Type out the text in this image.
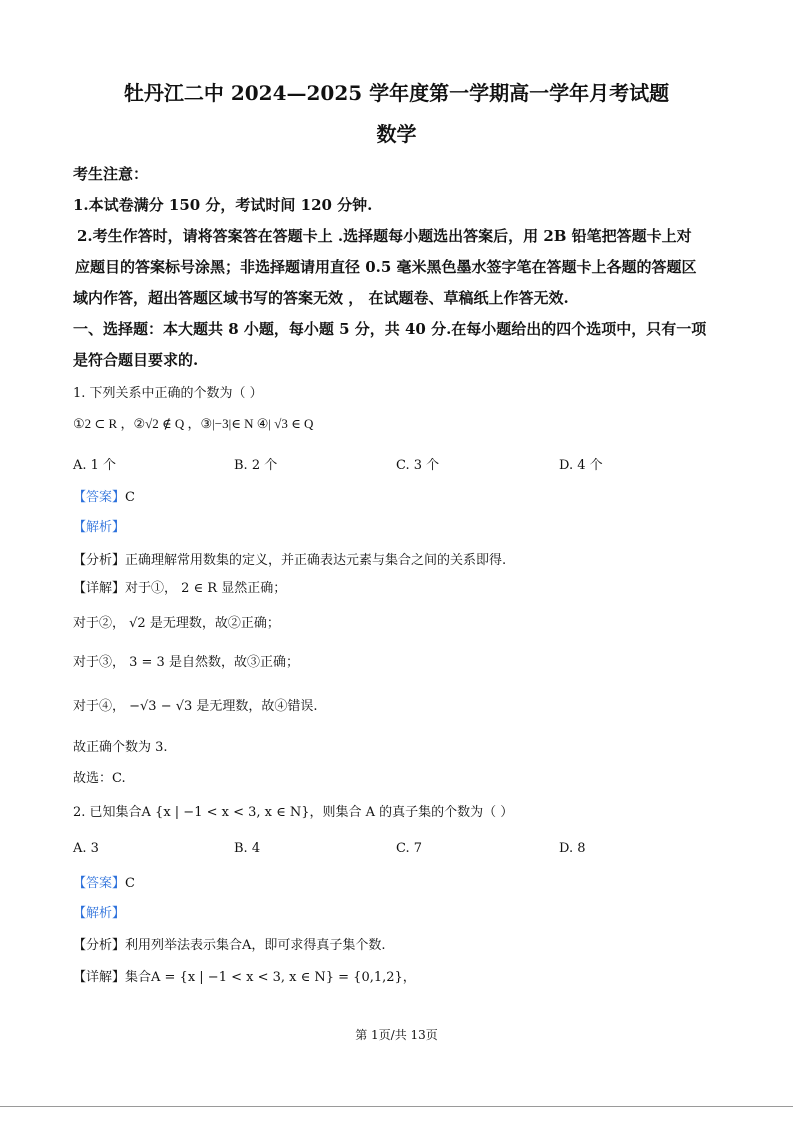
牡丹江二中 2024—2025 学年度第一学期高一学年月考试题
数学
考生注意：
1.本试卷满分 150 分，考试时间 120 分钟.
2.考生作答时，请将答案答在答题卡上 .选择题每小题选出答案后，用 2B 铅笔把答题卡上对
应题目的答案标号涂黑；非选择题请用直径 0.5 毫米黑色墨水签字笔在答题卡上各题的答题区
域内作答，超出答题区域书写的答案无效 ， 在试题卷、草稿纸上作答无效.
一、选择题：本大题共 8 小题，每小题 5 分，共 40 分.在每小题给出的四个选项中，只有一项
是符合题目要求的.
1. 下列关系中正确的个数为（ ）
①2 ⊂ R ，②√2 ∉ Q ，③|−3|∈ N ④| √3 ∈ Q
A. 1 个	B. 2 个	C. 3 个	D. 4 个
【答案】C
【解析】
【分析】正确理解常用数集的定义，并正确表达元素与集合之间的关系即得.
【详解】对于①， 2 ∈ R 显然正确；
对于②， √2 是无理数，故②正确；
对于③， 3 = 3 是自然数，故③正确；
对于④， −√3 − √3 是无理数，故④错误.
故正确个数为 3.
故选：C.
2. 已知集合A {x | −1 < x < 3, x ∈ N}，则集合 A 的真子集的个数为（ ）
A. 3	B. 4	C. 7	D. 8
【答案】C
【解析】
【分析】利用列举法表示集合A，即可求得真子集个数.
【详解】集合A = {x | −1 < x < 3, x ∈ N} = {0,1,2}，
第 1页/共 13页
